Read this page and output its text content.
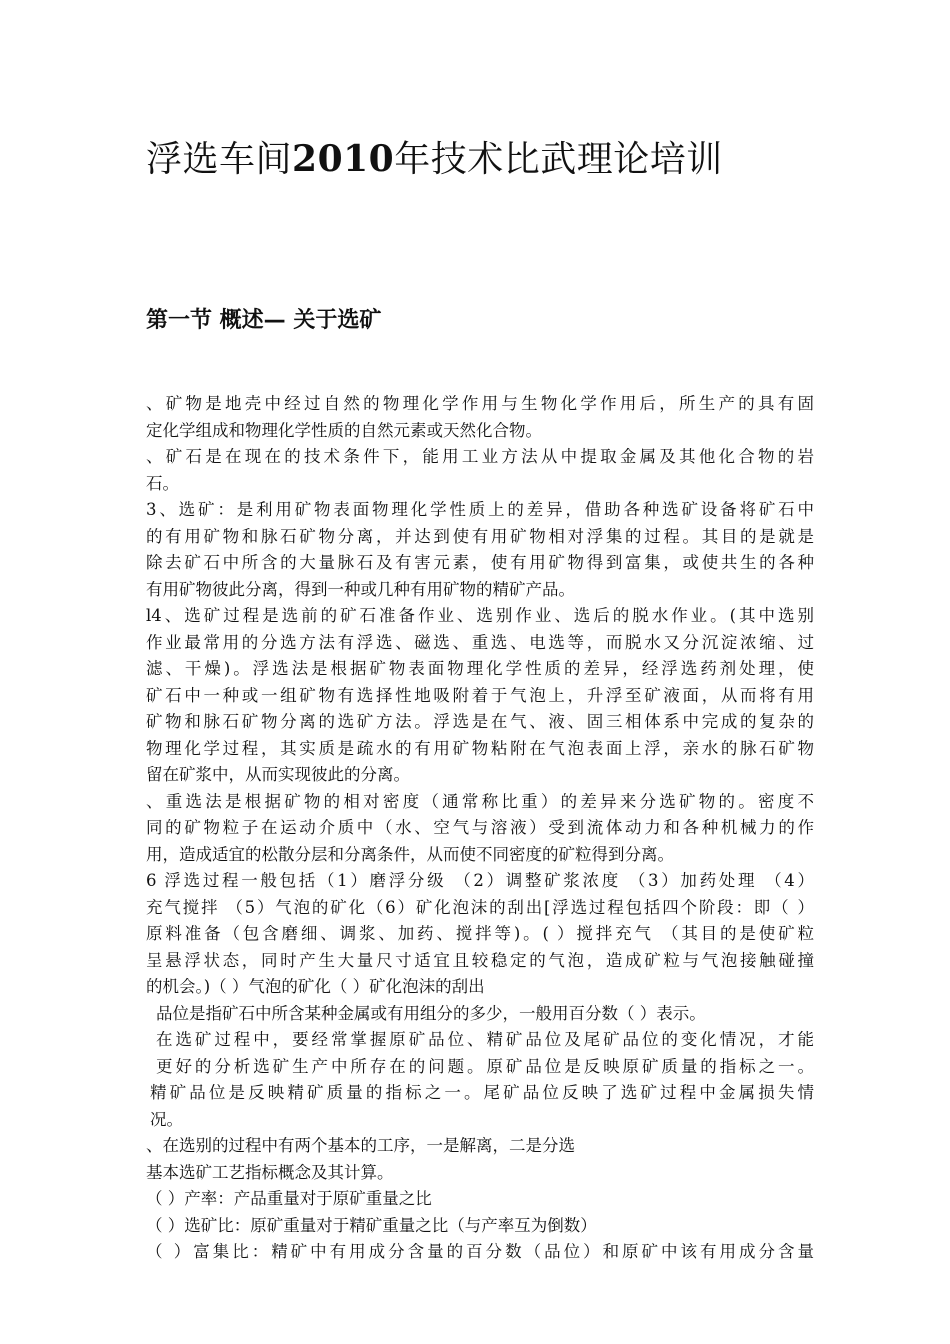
浮选车间2010年技术比武理论培训
第一节 概述— 关于选矿
、矿物是地壳中经过自然的物理化学作用与生物化学作用后，所生产的具有固
定化学组成和物理化学性质的自然元素或天然化合物。
、矿石是在现在的技术条件下，能用工业方法从中提取金属及其他化合物的岩
石。
3、选矿：是利用矿物表面物理化学性质上的差异，借助各种选矿设备将矿石中
的有用矿物和脉石矿物分离，并达到使有用矿物相对浮集的过程。其目的是就是
除去矿石中所含的大量脉石及有害元素，使有用矿物得到富集，或使共生的各种
有用矿物彼此分离，得到一种或几种有用矿物的精矿产品。
l4、选矿过程是选前的矿石准备作业、选别作业、选后的脱水作业。(其中选别
作业最常用的分选方法有浮选、磁选、重选、电选等，而脱水又分沉淀浓缩、过
滤、干燥)。浮选法是根据矿物表面物理化学性质的差异，经浮选药剂处理，使
矿石中一种或一组矿物有选择性地吸附着于气泡上，升浮至矿液面，从而将有用
矿物和脉石矿物分离的选矿方法。浮选是在气、液、固三相体系中完成的复杂的
物理化学过程，其实质是疏水的有用矿物粘附在气泡表面上浮，亲水的脉石矿物
留在矿浆中，从而实现彼此的分离。
、重选法是根据矿物的相对密度（通常称比重）的差异来分选矿物的。密度不
同的矿物粒子在运动介质中（水、空气与溶液）受到流体动力和各种机械力的作
用，造成适宜的松散分层和分离条件，从而使不同密度的矿粒得到分离。
6 浮选过程一般包括（1）磨浮分级 （2）调整矿浆浓度 （3）加药处理 （4）
充气搅拌 （5）气泡的矿化（6）矿化泡沫的刮出[浮选过程包括四个阶段：即（ ）
原料准备（包含磨细、调浆、加药、搅拌等)。( ）搅拌充气 （其目的是使矿粒
呈悬浮状态，同时产生大量尺寸适宜且较稳定的气泡，造成矿粒与气泡接触碰撞
的机会。)（ ）气泡的矿化（ ）矿化泡沫的刮出
品位是指矿石中所含某种金属或有用组分的多少，一般用百分数（ ）表示。
在选矿过程中，要经常掌握原矿品位、精矿品位及尾矿品位的变化情况，才能
更好的分析选矿生产中所存在的问题。原矿品位是反映原矿质量的指标之一。
精矿品位是反映精矿质量的指标之一。尾矿品位反映了选矿过程中金属损失情
况。
、在选别的过程中有两个基本的工序，一是解离，二是分选
基本选矿工艺指标概念及其计算。
（ ）产率：产品重量对于原矿重量之比
（ ）选矿比：原矿重量对于精矿重量之比（与产率互为倒数）
（ ）富集比：精矿中有用成分含量的百分数（品位）和原矿中该有用成分含量
